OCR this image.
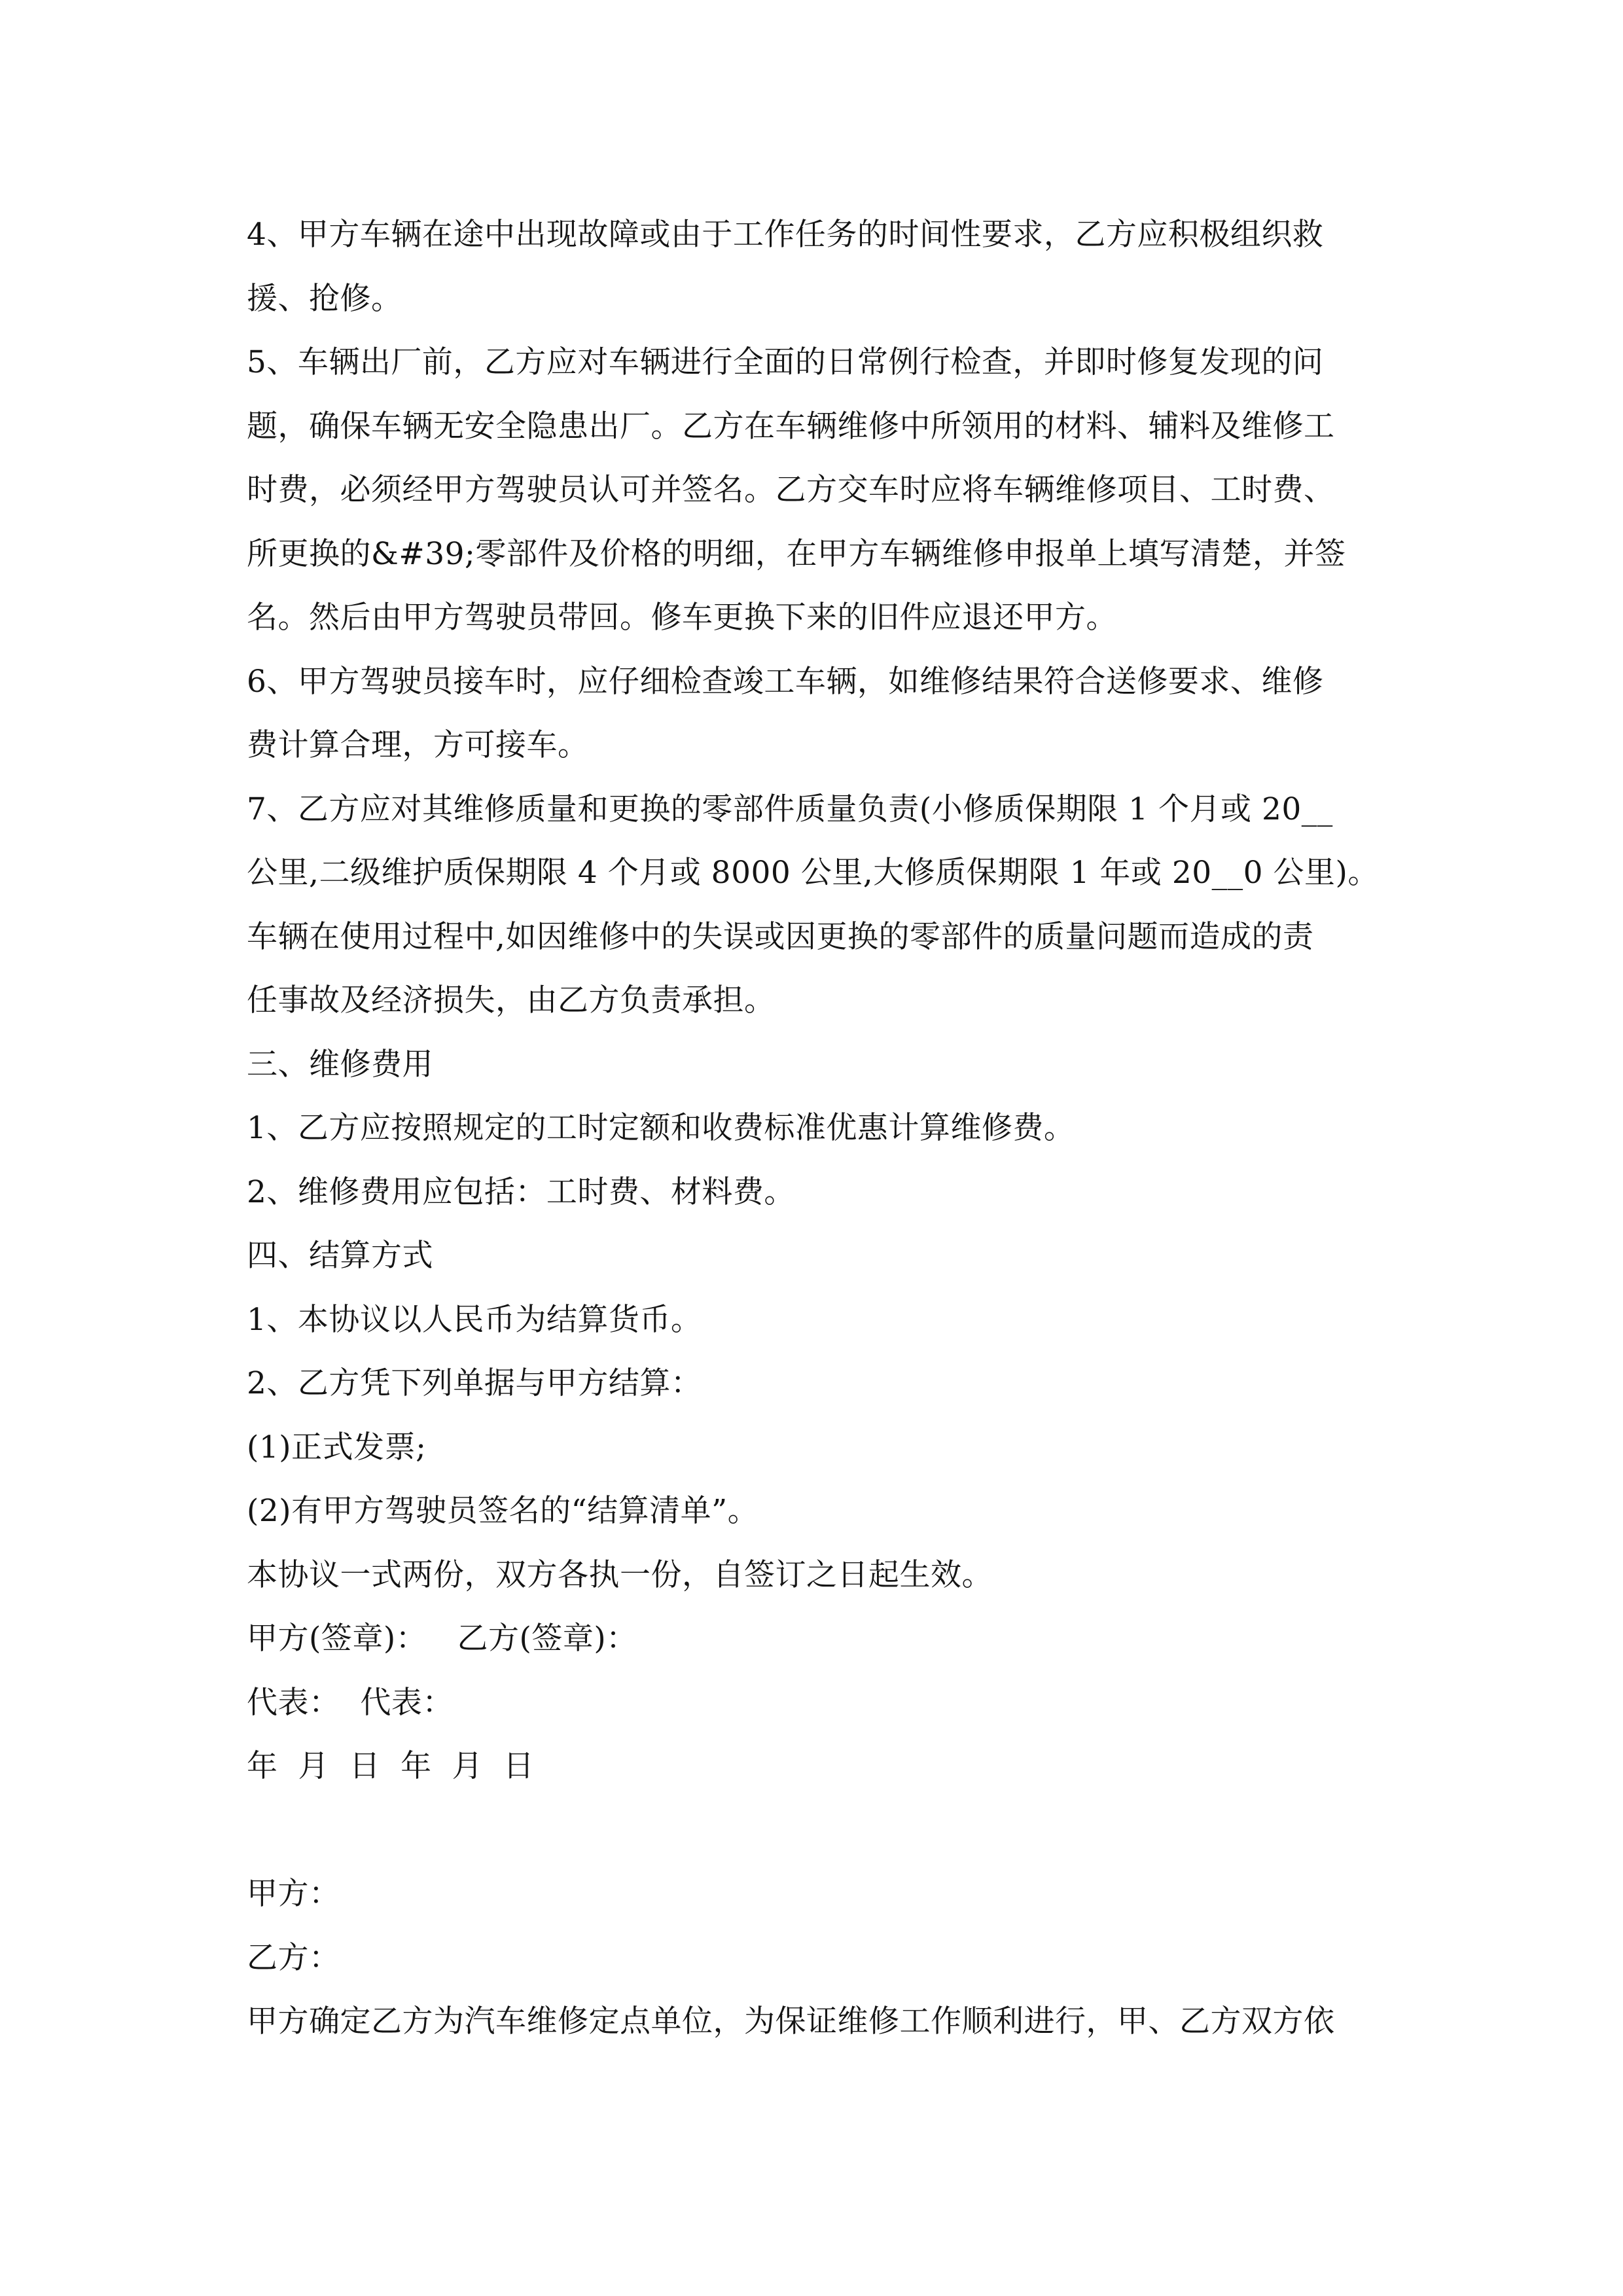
4、甲方车辆在途中出现故障或由于工作任务的时间性要求，乙方应积极组织救
援、抢修。
5、车辆出厂前，乙方应对车辆进行全面的日常例行检查，并即时修复发现的问
题，确保车辆无安全隐患出厂。乙方在车辆维修中所领用的材料、辅料及维修工
时费，必须经甲方驾驶员认可并签名。乙方交车时应将车辆维修项目、工时费、
所更换的&#39;零部件及价格的明细，在甲方车辆维修申报单上填写清楚，并签
名。然后由甲方驾驶员带回。修车更换下来的旧件应退还甲方。
6、甲方驾驶员接车时，应仔细检查竣工车辆，如维修结果符合送修要求、维修
费计算合理，方可接车。
7、乙方应对其维修质量和更换的零部件质量负责(小修质保期限 1 个月或 20__
公里,二级维护质保期限 4 个月或 8000 公里,大修质保期限 1 年或 20__0 公里)。
车辆在使用过程中,如因维修中的失误或因更换的零部件的质量问题而造成的责
任事故及经济损失，由乙方负责承担。
三、维修费用
1、乙方应按照规定的工时定额和收费标准优惠计算维修费。
2、维修费用应包括：工时费、材料费。
四、结算方式
1、本协议以人民币为结算货币。
2、乙方凭下列单据与甲方结算：
(1)正式发票;
(2)有甲方驾驶员签名的“结算清单”。
本协议一式两份，双方各执一份，自签订之日起生效。
甲方(签章)：   乙方(签章)：
代表：  代表：
年  月  日  年  月  日
甲方：
乙方：
甲方确定乙方为汽车维修定点单位，为保证维修工作顺利进行，甲、乙方双方依
